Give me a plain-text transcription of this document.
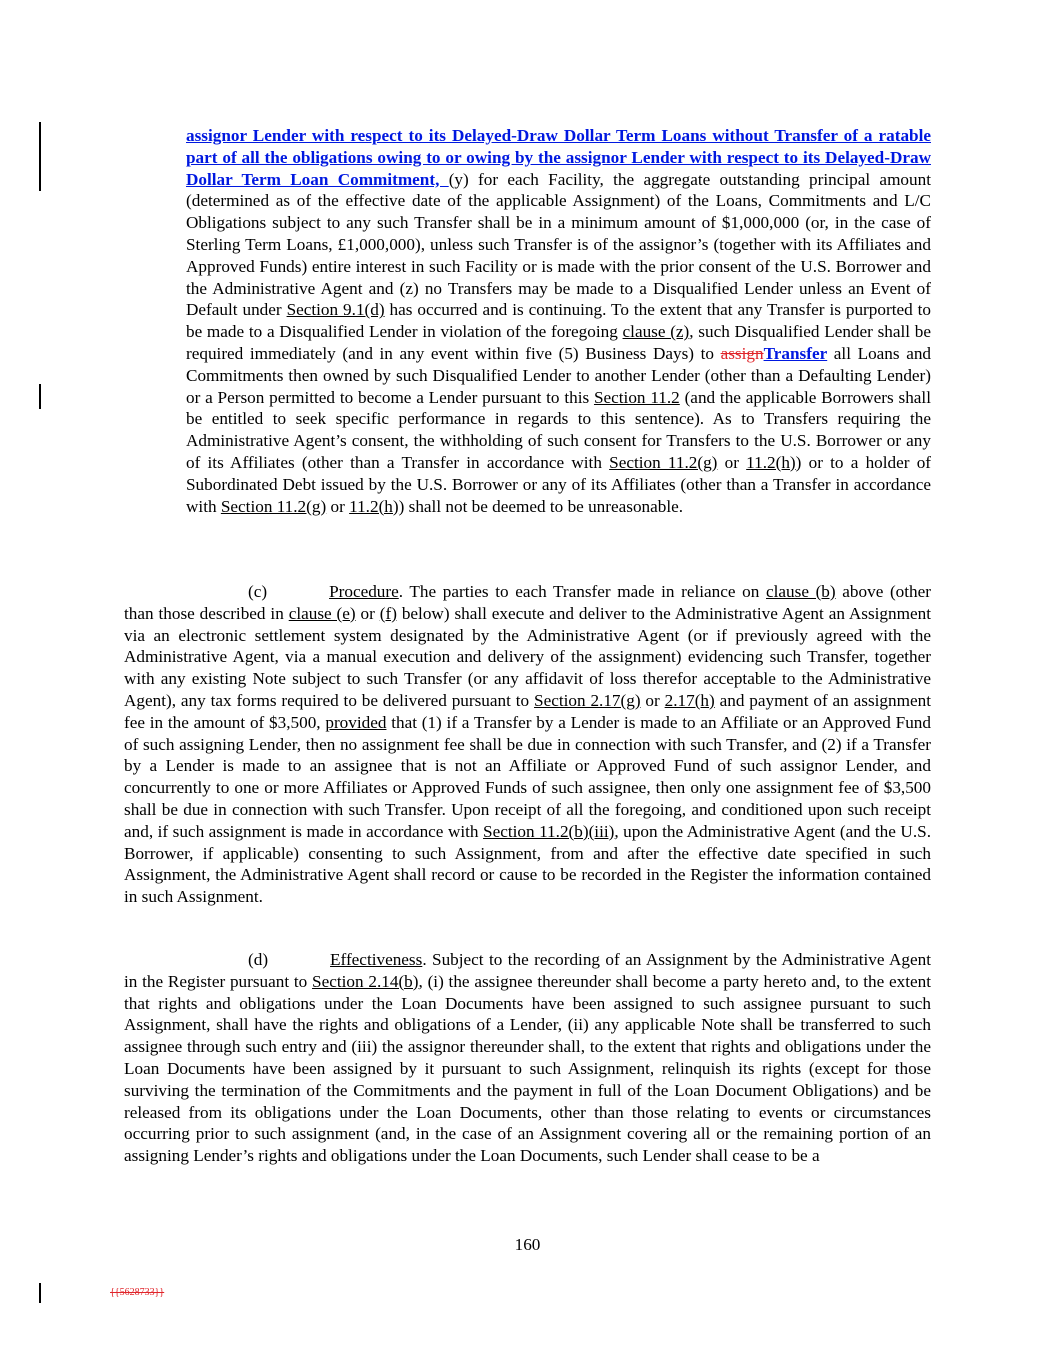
assignor Lender with respect to its Delayed-Draw Dollar Term Loans without Transfer of a ratable part of all the obligations owing to or owing by the assignor Lender with respect to its Delayed-Draw Dollar Term Loan Commitment, (y) for each Facility, the aggregate outstanding principal amount (determined as of the effective date of the applicable Assignment) of the Loans, Commitments and L/C Obligations subject to any such Transfer shall be in a minimum amount of $1,000,000 (or, in the case of Sterling Term Loans, £1,000,000), unless such Transfer is of the assignor’s (together with its Affiliates and Approved Funds) entire interest in such Facility or is made with the prior consent of the U.S. Borrower and the Administrative Agent and (z) no Transfers may be made to a Disqualified Lender unless an Event of Default under Section 9.1(d) has occurred and is continuing. To the extent that any Transfer is purported to be made to a Disqualified Lender in violation of the foregoing clause (z), such Disqualified Lender shall be required immediately (and in any event within five (5) Business Days) to assignTransfer all Loans and Commitments then owned by such Disqualified Lender to another Lender (other than a Defaulting Lender) or a Person permitted to become a Lender pursuant to this Section 11.2 (and the applicable Borrowers shall be entitled to seek specific performance in regards to this sentence). As to Transfers requiring the Administrative Agent’s consent, the withholding of such consent for Transfers to the U.S. Borrower or any of its Affiliates (other than a Transfer in accordance with Section 11.2(g) or 11.2(h)) or to a holder of Subordinated Debt issued by the U.S. Borrower or any of its Affiliates (other than a Transfer in accordance with Section 11.2(g) or 11.2(h)) shall not be deemed to be unreasonable.

(c)	Procedure. The parties to each Transfer made in reliance on clause (b) above (other than those described in clause (e) or (f) below) shall execute and deliver to the Administrative Agent an Assignment via an electronic settlement system designated by the Administrative Agent (or if previously agreed with the Administrative Agent, via a manual execution and delivery of the assignment) evidencing such Transfer, together with any existing Note subject to such Transfer (or any affidavit of loss therefor acceptable to the Administrative Agent), any tax forms required to be delivered pursuant to Section 2.17(g) or 2.17(h) and payment of an assignment fee in the amount of $3,500, provided that (1) if a Transfer by a Lender is made to an Affiliate or an Approved Fund of such assigning Lender, then no assignment fee shall be due in connection with such Transfer, and (2) if a Transfer by a Lender is made to an assignee that is not an Affiliate or Approved Fund of such assignor Lender, and concurrently to one or more Affiliates or Approved Funds of such assignee, then only one assignment fee of $3,500 shall be due in connection with such Transfer. Upon receipt of all the foregoing, and conditioned upon such receipt and, if such assignment is made in accordance with Section 11.2(b)(iii), upon the Administrative Agent (and the U.S. Borrower, if applicable) consenting to such Assignment, from and after the effective date specified in such Assignment, the Administrative Agent shall record or cause to be recorded in the Register the information contained in such Assignment.

(d)	Effectiveness. Subject to the recording of an Assignment by the Administrative Agent in the Register pursuant to Section 2.14(b), (i) the assignee thereunder shall become a party hereto and, to the extent that rights and obligations under the Loan Documents have been assigned to such assignee pursuant to such Assignment, shall have the rights and obligations of a Lender, (ii) any applicable Note shall be transferred to such assignee through such entry and (iii) the assignor thereunder shall, to the extent that rights and obligations under the Loan Documents have been assigned by it pursuant to such Assignment, relinquish its rights (except for those surviving the termination of the Commitments and the payment in full of the Loan Document Obligations) and be released from its obligations under the Loan Documents, other than those relating to events or circumstances occurring prior to such assignment (and, in the case of an Assignment covering all or the remaining portion of an assigning Lender’s rights and obligations under the Loan Documents, such Lender shall cease to be a

160
{{5628733}}
